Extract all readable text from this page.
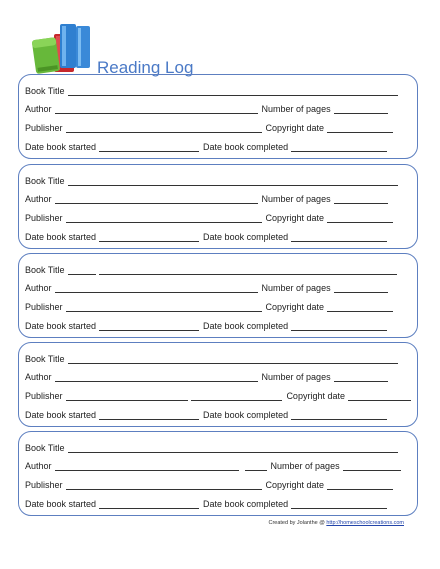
Reading Log
Book Title
Author	Number of pages
Publisher	Copyright date
Date book started	Date book completed
Book Title
Author	Number of pages
Publisher	Copyright date
Date book started	Date book completed
Book Title
Author	Number of pages
Publisher	Copyright date
Date book started	Date book completed
Book Title
Author	Number of pages
Publisher	Copyright date
Date book started	Date book completed
Book Title
Author	Number of pages
Publisher	Copyright date
Date book started	Date book completed
Created by Jolanthe @ http://homeschoolcreations.com
